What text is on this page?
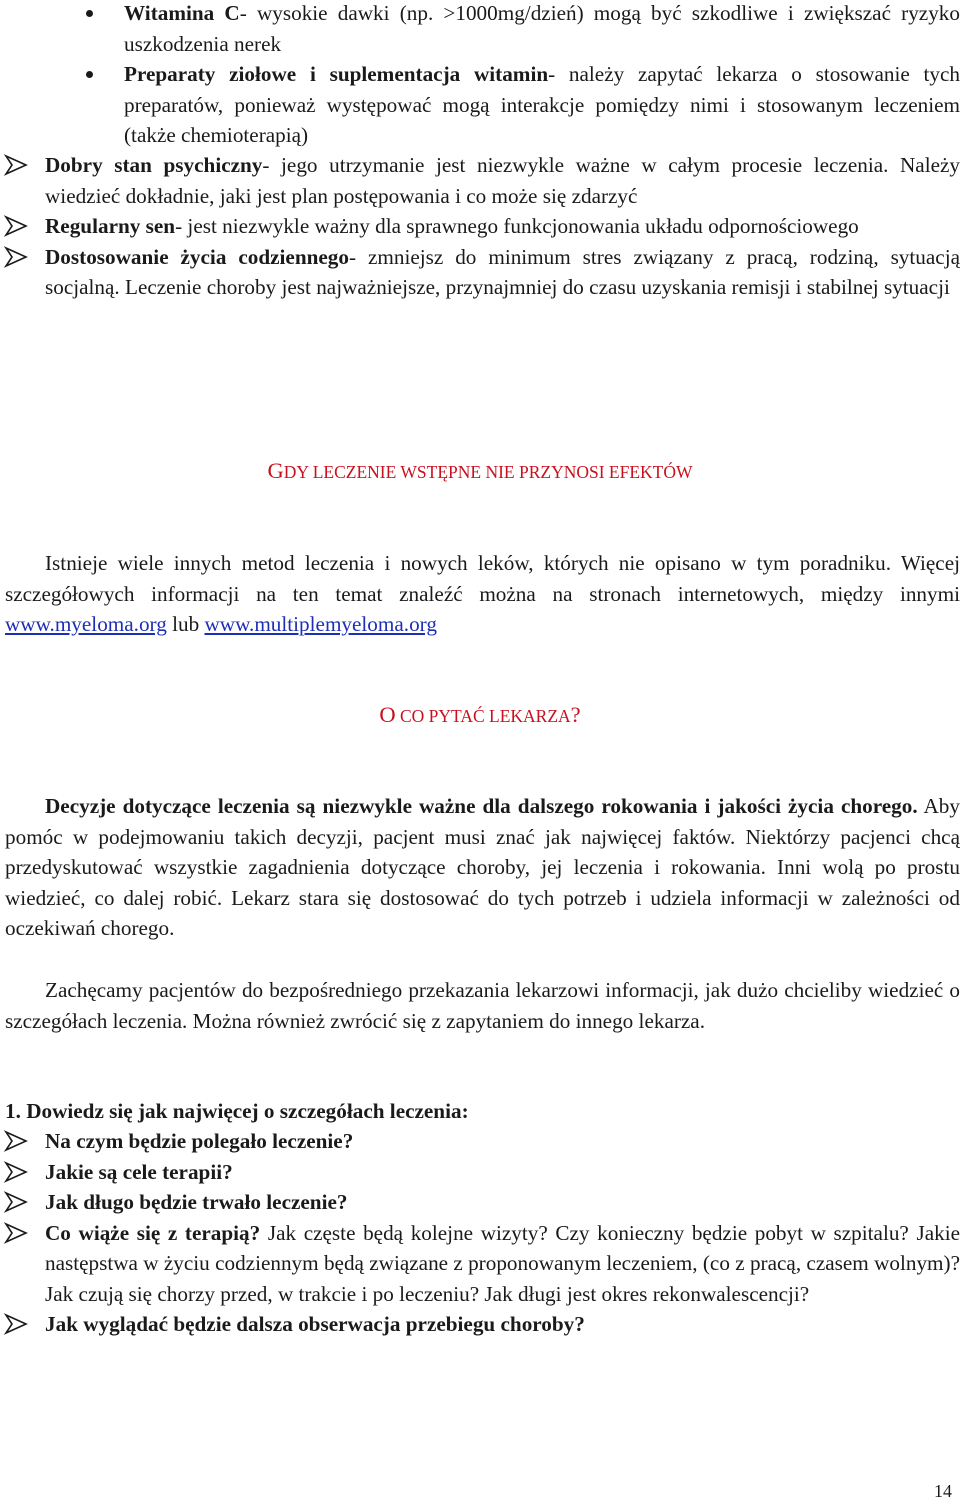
Witamina C- wysokie dawki (np. >1000mg/dzień) mogą być szkodliwe i zwiększać ryzyko uszkodzenia nerek
Preparaty ziołowe i suplementacja witamin- należy zapytać lekarza o stosowanie tych preparatów, ponieważ występować mogą interakcje pomiędzy nimi i stosowanym leczeniem (także chemioterapią)
Dobry stan psychiczny- jego utrzymanie jest niezwykle ważne w całym procesie leczenia. Należy wiedzieć dokładnie, jaki jest plan postępowania i co może się zdarzyć
Regularny sen- jest niezwykle ważny dla sprawnego funkcjonowania układu odpornościowego
Dostosowanie życia codziennego- zmniejsz do minimum stres związany z pracą, rodziną, sytuacją socjalną. Leczenie choroby jest najważniejsze, przynajmniej do czasu uzyskania remisji i stabilnej sytuacji
GDY LECZENIE WSTĘPNE NIE PRZYNOSI EFEKTÓW
Istnieje wiele innych metod leczenia i nowych leków, których nie opisano w tym poradniku. Więcej szczegółowych informacji na ten temat znaleźć można na stronach internetowych, między innymi www.myeloma.org lub www.multiplemyeloma.org
O CO PYTAĆ LEKARZA?
Decyzje dotyczące leczenia są niezwykle ważne dla dalszego rokowania i jakości życia chorego. Aby pomóc w podejmowaniu takich decyzji, pacjent musi znać jak najwięcej faktów. Niektórzy pacjenci chcą przedyskutować wszystkie zagadnienia dotyczące choroby, jej leczenia i rokowania. Inni wolą po prostu wiedzieć, co dalej robić. Lekarz stara się dostosować do tych potrzeb i udziela informacji w zależności od oczekiwań chorego.
Zachęcamy pacjentów do bezpośredniego przekazania lekarzowi informacji, jak dużo chcieliby wiedzieć o szczegółach leczenia. Można również zwrócić się z zapytaniem do innego lekarza.
1. Dowiedz się jak najwięcej o szczegółach leczenia:
Na czym będzie polegało leczenie?
Jakie są cele terapii?
Jak długo będzie trwało leczenie?
Co wiąże się z terapią? Jak częste będą kolejne wizyty? Czy konieczny będzie pobyt w szpitalu? Jakie następstwa w życiu codziennym będą związane z proponowanym leczeniem, (co z pracą, czasem wolnym)? Jak czują się chorzy przed, w trakcie i po leczeniu? Jak długi jest okres rekonwalescencji?
Jak wyglądać będzie dalsza obserwacja przebiegu choroby?
14
